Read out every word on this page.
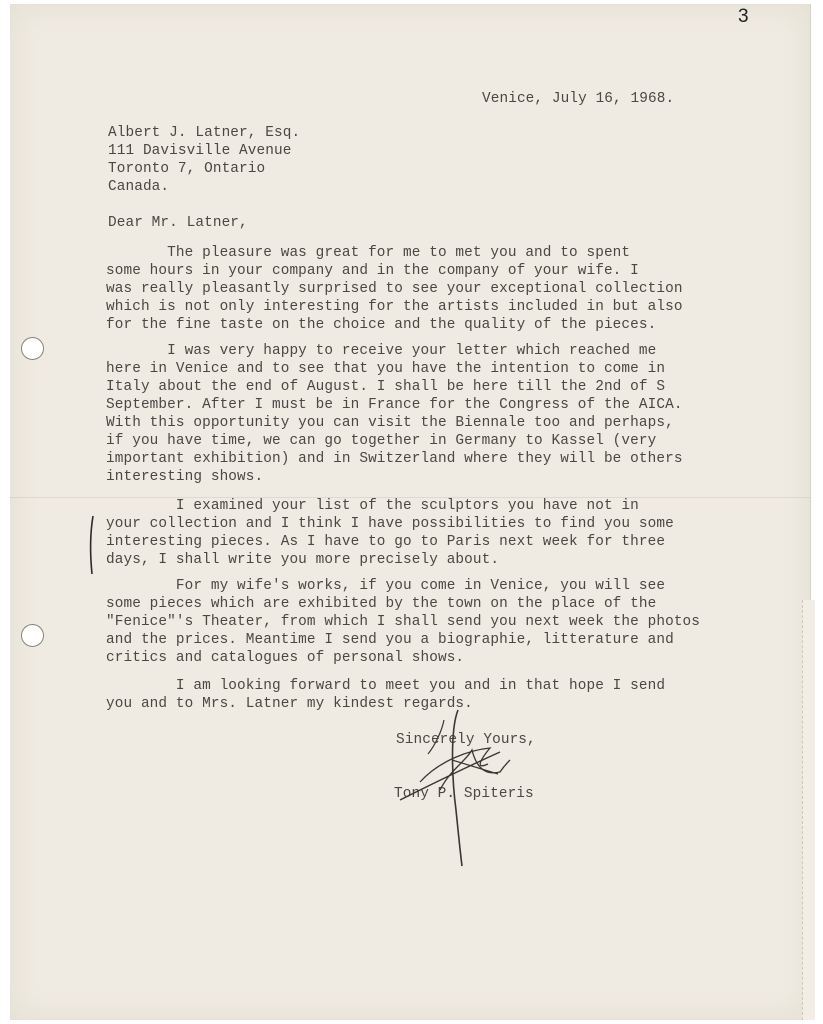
3

Venice, July 16, 1968.

Albert J. Latner, Esq.
111 Davisville Avenue
Toronto 7, Ontario
Canada.

Dear Mr. Latner,

The pleasure was great for me to met you and to spent
some hours in your company and in the company of your wife. I
was really pleasantly surprised to see your exceptional collection
which is not only interesting for the artists included in but also
for the fine taste on the choice and the quality of the pieces.
I was very happy to receive your letter which reached me
here in Venice and to see that you have the intention to come in
Italy about the end of August. I shall be here till the 2nd of S
September. After I must be in France for the Congress of the AICA.
With this opportunity you can visit the Biennale too and perhaps,
if you have time, we can go together in Germany to Kassel (very
important exhibition) and in Switzerland where they will be others
interesting shows.
I examined your list of the sculptors you have not in
your collection and I think I have possibilities to find you some
interesting pieces. As I have to go to Paris next week for three
days, I shall write you more precisely about.
For my wife's works, if you come in Venice, you will see
some pieces which are exhibited by the town on the place of the
"Fenice"'s Theater, from which I shall send you next week the photos
and the prices. Meantime I send you a biographie, litterature and
critics and catalogues of personal shows.
I am looking forward to meet you and in that hope I send
you and to Mrs. Latner my kindest regards.

Sincerely Yours,

Tony P. Spiteris
